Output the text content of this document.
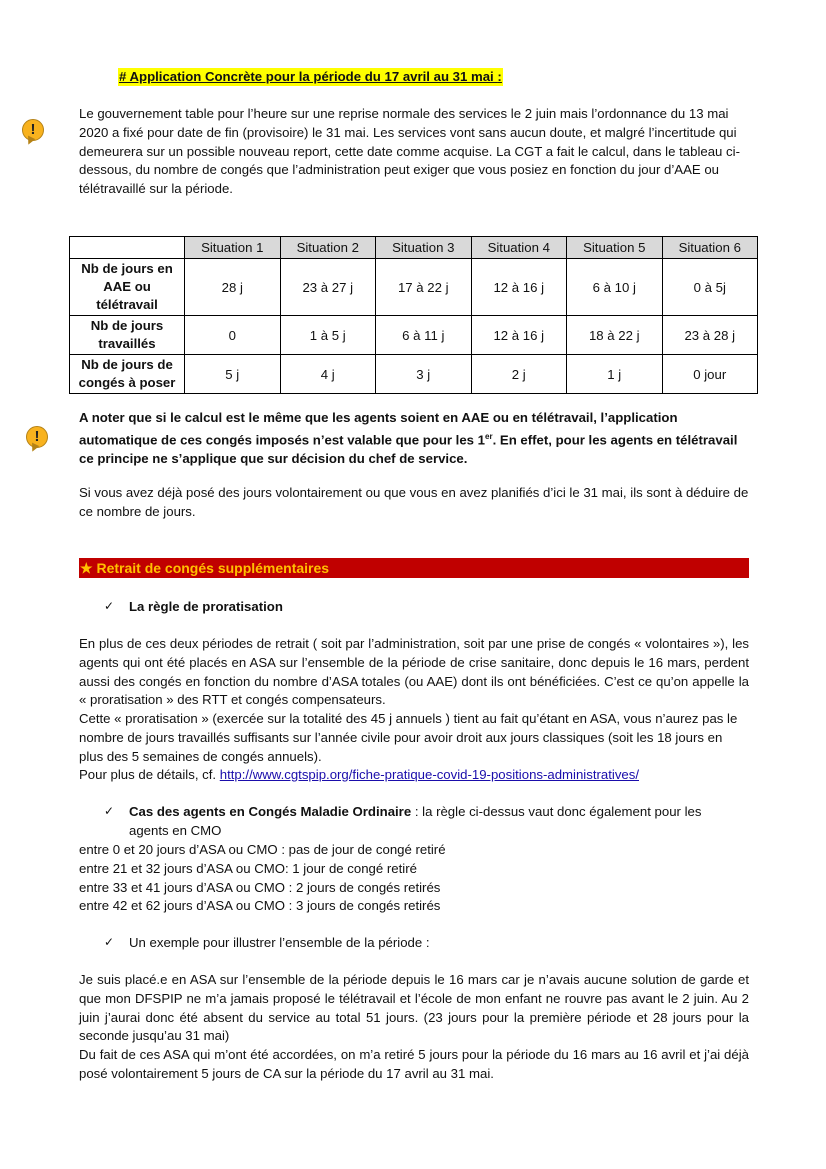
# Application Concrète pour la période du 17 avril au 31 mai :
!
Le gouvernement table pour l’heure sur une reprise normale des services le 2 juin mais l’ordonnance du 13 mai 2020 a fixé pour date de fin (provisoire) le 31 mai. Les services vont sans aucun doute, et malgré l’incertitude qui demeurera sur un possible nouveau report, cette date comme acquise. La CGT a fait le calcul, dans le tableau ci-dessous, du nombre de congés que l’administration peut exiger que vous posiez en fonction du jour d’AAE ou télétravaillé sur la période.
	Situation 1	Situation 2	Situation 3	Situation 4	Situation 5	Situation 6
Nb de jours en AAE ou télétravail	28 j	23 à 27 j	17 à 22 j	12 à 16 j	6 à 10 j	0 à 5j
Nb de jours travaillés	0	1 à 5 j	6 à 11 j	12 à 16 j	18 à 22 j	23 à 28 j
Nb de jours de congés à poser	5 j	4 j	3 j	2 j	1 j	0 jour
!
A noter que si le calcul est le même que les agents soient en AAE ou en télétravail, l’application automatique de ces congés imposés n’est valable que pour les 1er. En effet, pour les agents en télétravail ce principe ne s’applique que sur décision du chef de service.
Si vous avez déjà posé des jours volontairement ou que vous en avez planifiés d’ici le 31 mai, ils sont à déduire de ce nombre de jours.
★ Retrait de congés supplémentaires
✓ La règle de proratisation
En plus de ces deux périodes de retrait ( soit par l’administration, soit par une prise de congés « volontaires »), les agents qui ont été placés en ASA sur l’ensemble de la période de crise sanitaire, donc depuis le 16 mars, perdent aussi des congés en fonction du nombre d’ASA totales (ou AAE) dont ils ont bénéficiées. C’est ce qu’on appelle la « proratisation » des RTT et congés compensateurs.
Cette « proratisation » (exercée sur la totalité des 45 j annuels ) tient au fait qu’étant en ASA, vous n’aurez pas le nombre de jours travaillés suffisants sur l’année civile pour avoir droit aux jours classiques (soit les 18 jours en plus des 5 semaines de congés annuels).
Pour plus de détails, cf. http://www.cgtspip.org/fiche-pratique-covid-19-positions-administratives/
✓ Cas des agents en Congés Maladie Ordinaire : la règle ci-dessus vaut donc également pour les agents en CMO
entre 0 et 20 jours d’ASA ou CMO : pas de jour de congé retiré
entre 21 et 32 jours d’ASA ou CMO: 1 jour de congé retiré
entre 33 et 41 jours d’ASA ou CMO : 2 jours de congés retirés
entre 42 et 62 jours d’ASA ou CMO : 3 jours de congés retirés
✓ Un exemple pour illustrer l’ensemble de la période :
Je suis placé.e en ASA sur l’ensemble de la période depuis le 16 mars car je n’avais aucune solution de garde et que mon DFSPIP ne m’a jamais proposé le télétravail et l’école de mon enfant ne rouvre pas avant le 2 juin. Au 2 juin j’aurai donc été absent du service au total 51 jours. (23 jours pour la première période et 28 jours pour la seconde jusqu’au 31 mai)
Du fait de ces ASA qui m’ont été accordées, on m’a retiré 5 jours pour la période du 16 mars au 16 avril et j’ai déjà posé volontairement 5 jours de CA sur la période du 17 avril au 31 mai.
